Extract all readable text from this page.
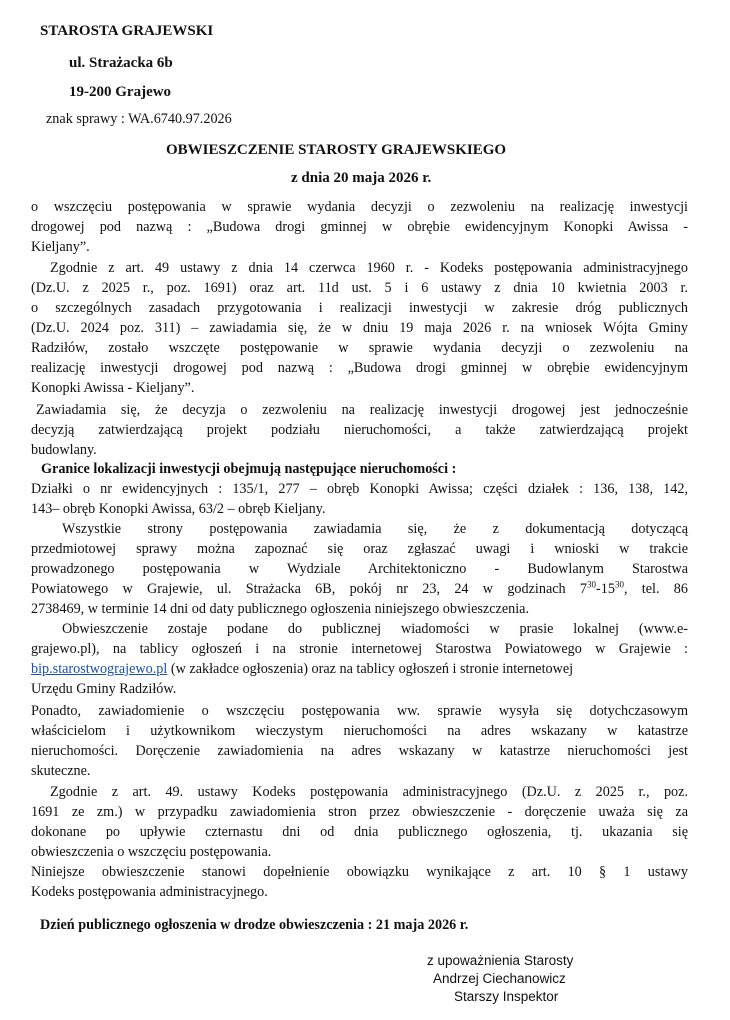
STAROSTA GRAJEWSKI
ul. Strażacka 6b
19-200 Grajewo
znak sprawy : WA.6740.97.2026
OBWIESZCZENIE STAROSTY GRAJEWSKIEGO
z dnia 20 maja 2026 r.
o wszczęciu postępowania w sprawie wydania decyzji o zezwoleniu na realizację inwestycji
drogowej pod nazwą : „Budowa drogi gminnej w obrębie ewidencyjnym Konopki Awissa -
Kieljany”.
Zgodnie z art. 49 ustawy z dnia 14 czerwca 1960 r. - Kodeks postępowania administracyjnego
(Dz.U. z 2025 r., poz. 1691) oraz art. 11d ust. 5 i 6 ustawy z dnia 10 kwietnia 2003 r.
o szczególnych zasadach przygotowania i realizacji inwestycji w zakresie dróg publicznych
(Dz.U. 2024 poz. 311) – zawiadamia się, że w dniu 19 maja 2026 r. na wniosek Wójta Gminy
Radziłów, zostało wszczęte postępowanie w sprawie wydania decyzji o zezwoleniu na
realizację inwestycji drogowej pod nazwą : „Budowa drogi gminnej w obrębie ewidencyjnym
Konopki Awissa - Kieljany”.
Zawiadamia się, że decyzja o zezwoleniu na realizację inwestycji drogowej jest jednocześnie
decyzją zatwierdzającą projekt podziału nieruchomości, a także zatwierdzającą projekt
budowlany.
Granice lokalizacji inwestycji obejmują następujące nieruchomości :
Działki o nr ewidencyjnych : 135/1, 277 – obręb Konopki Awissa; części działek : 136, 138, 142,
143– obręb Konopki Awissa, 63/2 – obręb Kieljany.
Wszystkie strony postępowania zawiadamia się, że z dokumentacją dotyczącą
przedmiotowej sprawy można zapoznać się oraz zgłaszać uwagi i wnioski w trakcie
prowadzonego postępowania w Wydziale Architektoniczno - Budowlanym Starostwa
Powiatowego w Grajewie, ul. Strażacka 6B, pokój nr 23, 24 w godzinach $7^{30}-15^{30}$, tel. 86
2738469, w terminie 14 dni od daty publicznego ogłoszenia niniejszego obwieszczenia.
Obwieszczenie zostaje podane do publicznej wiadomości w prasie lokalnej (www.e-
grajewo.pl), na tablicy ogłoszeń i na stronie internetowej Starostwa Powiatowego w Grajewie :
bip.starostwograjewo.pl (w zakładce ogłoszenia) oraz na tablicy ogłoszeń i stronie internetowej
Urzędu Gminy Radziłów.
Ponadto, zawiadomienie o wszczęciu postępowania ww. sprawie wysyła się dotychczasowym
właścicielom i użytkownikom wieczystym nieruchomości na adres wskazany w katastrze
nieruchomości. Doręczenie zawiadomienia na adres wskazany w katastrze nieruchomości jest
skuteczne.
Zgodnie z art. 49. ustawy Kodeks postępowania administracyjnego (Dz.U. z 2025 r., poz.
1691 ze zm.) w przypadku zawiadomienia stron przez obwieszczenie - doręczenie uważa się za
dokonane po upływie czternastu dni od dnia publicznego ogłoszenia, tj. ukazania się
obwieszczenia o wszczęciu postępowania.
Niniejsze obwieszczenie stanowi dopełnienie obowiązku wynikające z art. 10 § 1 ustawy
Kodeks postępowania administracyjnego.
Dzień publicznego ogłoszenia w drodze obwieszczenia : 21 maja 2026 r.
z upoważnienia Starosty
Andrzej Ciechanowicz
Starszy Inspektor
